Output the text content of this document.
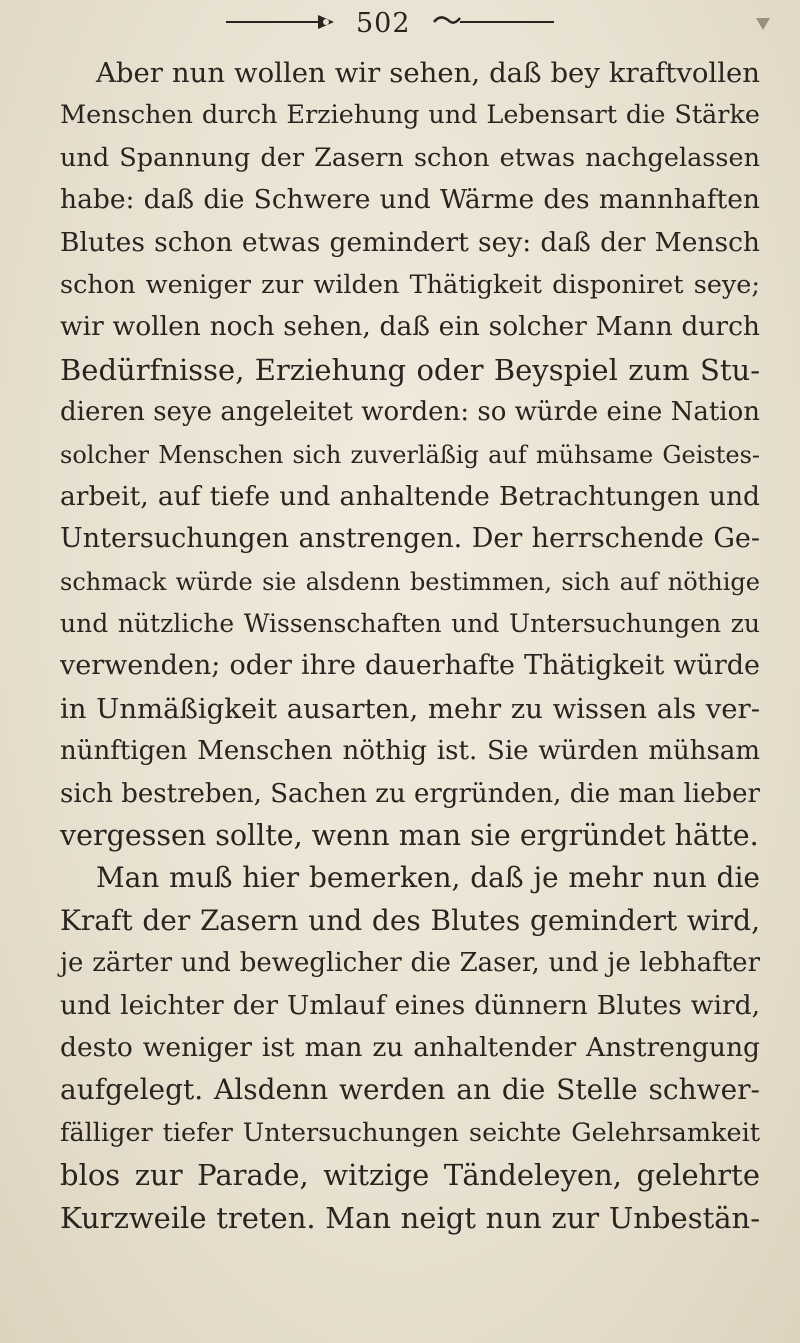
502
Aber nun wollen wir sehen, daß bey kraftvollen
Menschen durch Erziehung und Lebensart die Stärke
und Spannung der Zasern schon etwas nachgelassen
habe: daß die Schwere und Wärme des mannhaften
Blutes schon etwas gemindert sey: daß der Mensch
schon weniger zur wilden Thätigkeit disponiret seye;
wir wollen noch sehen, daß ein solcher Mann durch
Bedürfnisse, Erziehung oder Beyspiel zum Stu-
dieren seye angeleitet worden: so würde eine Nation
solcher Menschen sich zuverläßig auf mühsame Geistes-
arbeit, auf tiefe und anhaltende Betrachtungen und
Untersuchungen anstrengen. Der herrschende Ge-
schmack würde sie alsdenn bestimmen, sich auf nöthige
und nützliche Wissenschaften und Untersuchungen zu
verwenden; oder ihre dauerhafte Thätigkeit würde
in Unmäßigkeit ausarten, mehr zu wissen als ver-
nünftigen Menschen nöthig ist. Sie würden mühsam
sich bestreben, Sachen zu ergründen, die man lieber
vergessen sollte, wenn man sie ergründet hätte.
Man muß hier bemerken, daß je mehr nun die
Kraft der Zasern und des Blutes gemindert wird,
je zärter und beweglicher die Zaser, und je lebhafter
und leichter der Umlauf eines dünnern Blutes wird,
desto weniger ist man zu anhaltender Anstrengung
aufgelegt. Alsdenn werden an die Stelle schwer-
fälliger tiefer Untersuchungen seichte Gelehrsamkeit
blos zur Parade, witzige Tändeleyen, gelehrte
Kurzweile treten. Man neigt nun zur Unbestän-
